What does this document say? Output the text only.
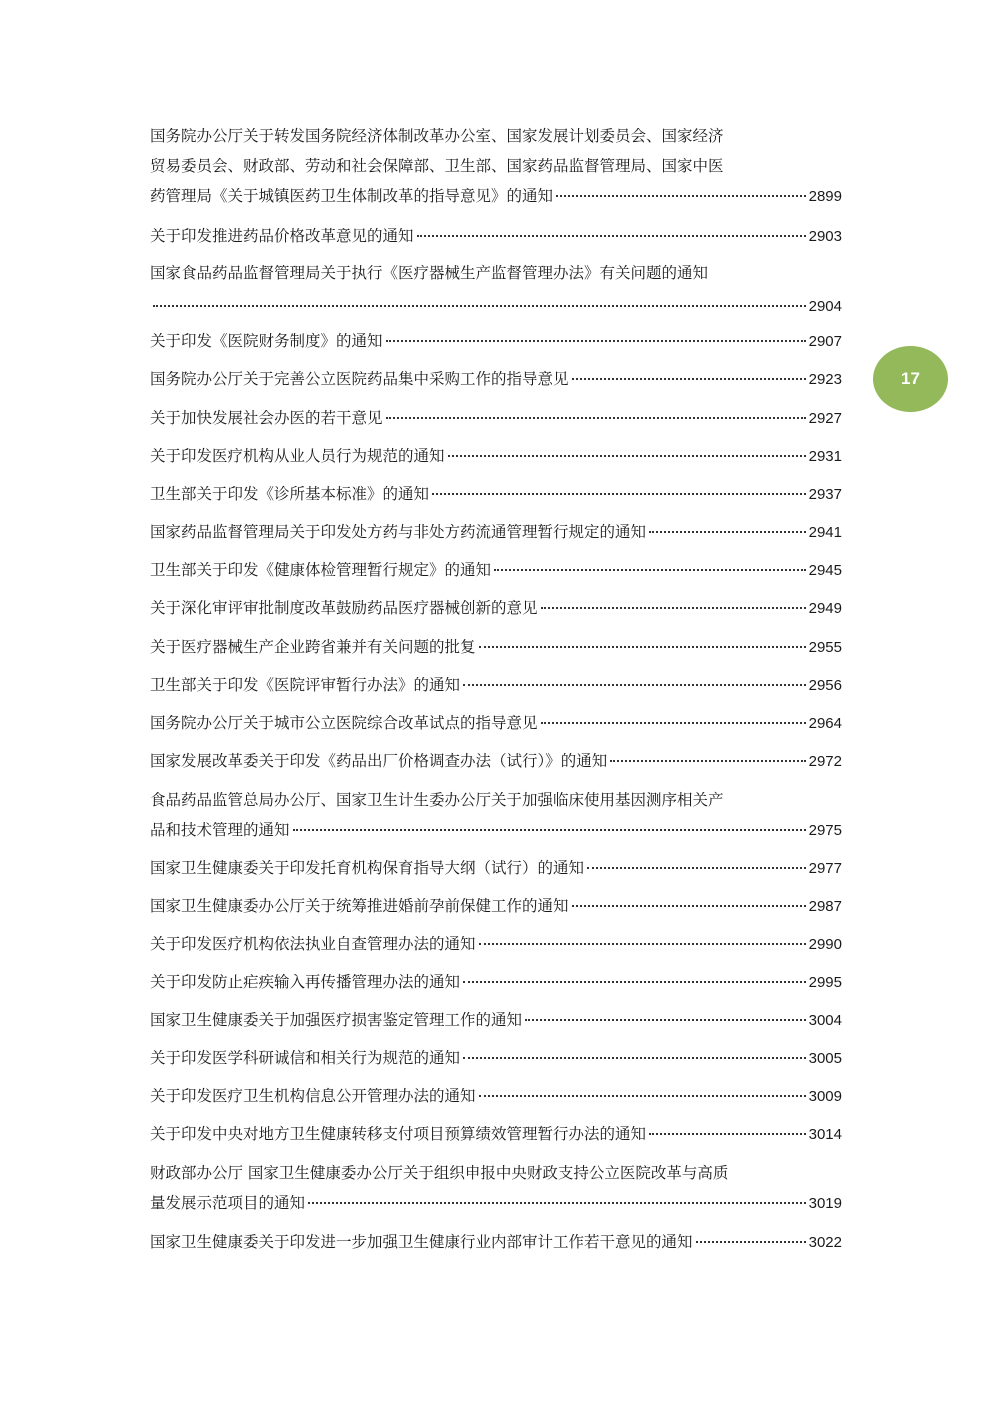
国务院办公厅关于转发国务院经济体制改革办公室、国家发展计划委员会、国家经济
贸易委员会、财政部、劳动和社会保障部、卫生部、国家药品监督管理局、国家中医
药管理局《关于城镇医药卫生体制改革的指导意见》的通知	2899
关于印发推进药品价格改革意见的通知	2903
国家食品药品监督管理局关于执行《医疗器械生产监督管理办法》有关问题的通知
2904
关于印发《医院财务制度》的通知	2907
国务院办公厅关于完善公立医院药品集中采购工作的指导意见	2923
关于加快发展社会办医的若干意见	2927
关于印发医疗机构从业人员行为规范的通知	2931
卫生部关于印发《诊所基本标准》的通知	2937
国家药品监督管理局关于印发处方药与非处方药流通管理暂行规定的通知	2941
卫生部关于印发《健康体检管理暂行规定》的通知	2945
关于深化审评审批制度改革鼓励药品医疗器械创新的意见	2949
关于医疗器械生产企业跨省兼并有关问题的批复	2955
卫生部关于印发《医院评审暂行办法》的通知	2956
国务院办公厅关于城市公立医院综合改革试点的指导意见	2964
国家发展改革委关于印发《药品出厂价格调查办法（试行）》的通知	2972
食品药品监管总局办公厅、国家卫生计生委办公厅关于加强临床使用基因测序相关产
品和技术管理的通知	2975
国家卫生健康委关于印发托育机构保育指导大纲（试行）的通知	2977
国家卫生健康委办公厅关于统筹推进婚前孕前保健工作的通知	2987
关于印发医疗机构依法执业自查管理办法的通知	2990
关于印发防止疟疾输入再传播管理办法的通知	2995
国家卫生健康委关于加强医疗损害鉴定管理工作的通知	3004
关于印发医学科研诚信和相关行为规范的通知	3005
关于印发医疗卫生机构信息公开管理办法的通知	3009
关于印发中央对地方卫生健康转移支付项目预算绩效管理暂行办法的通知	3014
财政部办公厅 国家卫生健康委办公厅关于组织申报中央财政支持公立医院改革与高质
量发展示范项目的通知	3019
国家卫生健康委关于印发进一步加强卫生健康行业内部审计工作若干意见的通知	3022
17
